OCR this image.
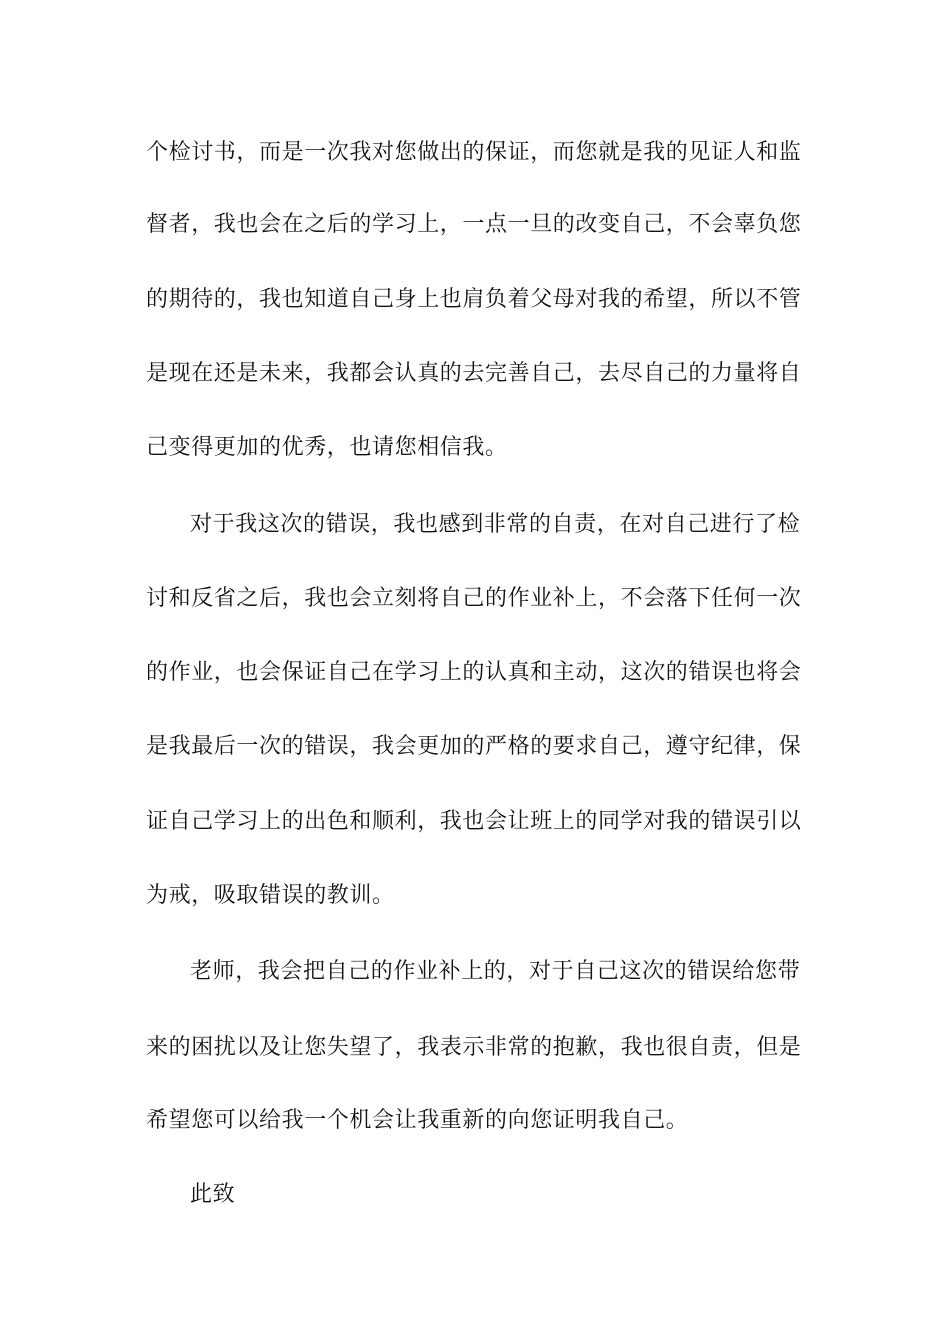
个检讨书，而是一次我对您做出的保证，而您就是我的见证人和监
督者，我也会在之后的学习上，一点一旦的改变自己，不会辜负您
的期待的，我也知道自己身上也肩负着父母对我的希望，所以不管
是现在还是未来，我都会认真的去完善自己，去尽自己的力量将自
己变得更加的优秀，也请您相信我。
对于我这次的错误，我也感到非常的自责，在对自己进行了检
讨和反省之后，我也会立刻将自己的作业补上，不会落下任何一次
的作业，也会保证自己在学习上的认真和主动，这次的错误也将会
是我最后一次的错误，我会更加的严格的要求自己，遵守纪律，保
证自己学习上的出色和顺利，我也会让班上的同学对我的错误引以
为戒，吸取错误的教训。
老师，我会把自己的作业补上的，对于自己这次的错误给您带
来的困扰以及让您失望了，我表示非常的抱歉，我也很自责，但是
希望您可以给我一个机会让我重新的向您证明我自己。
此致
